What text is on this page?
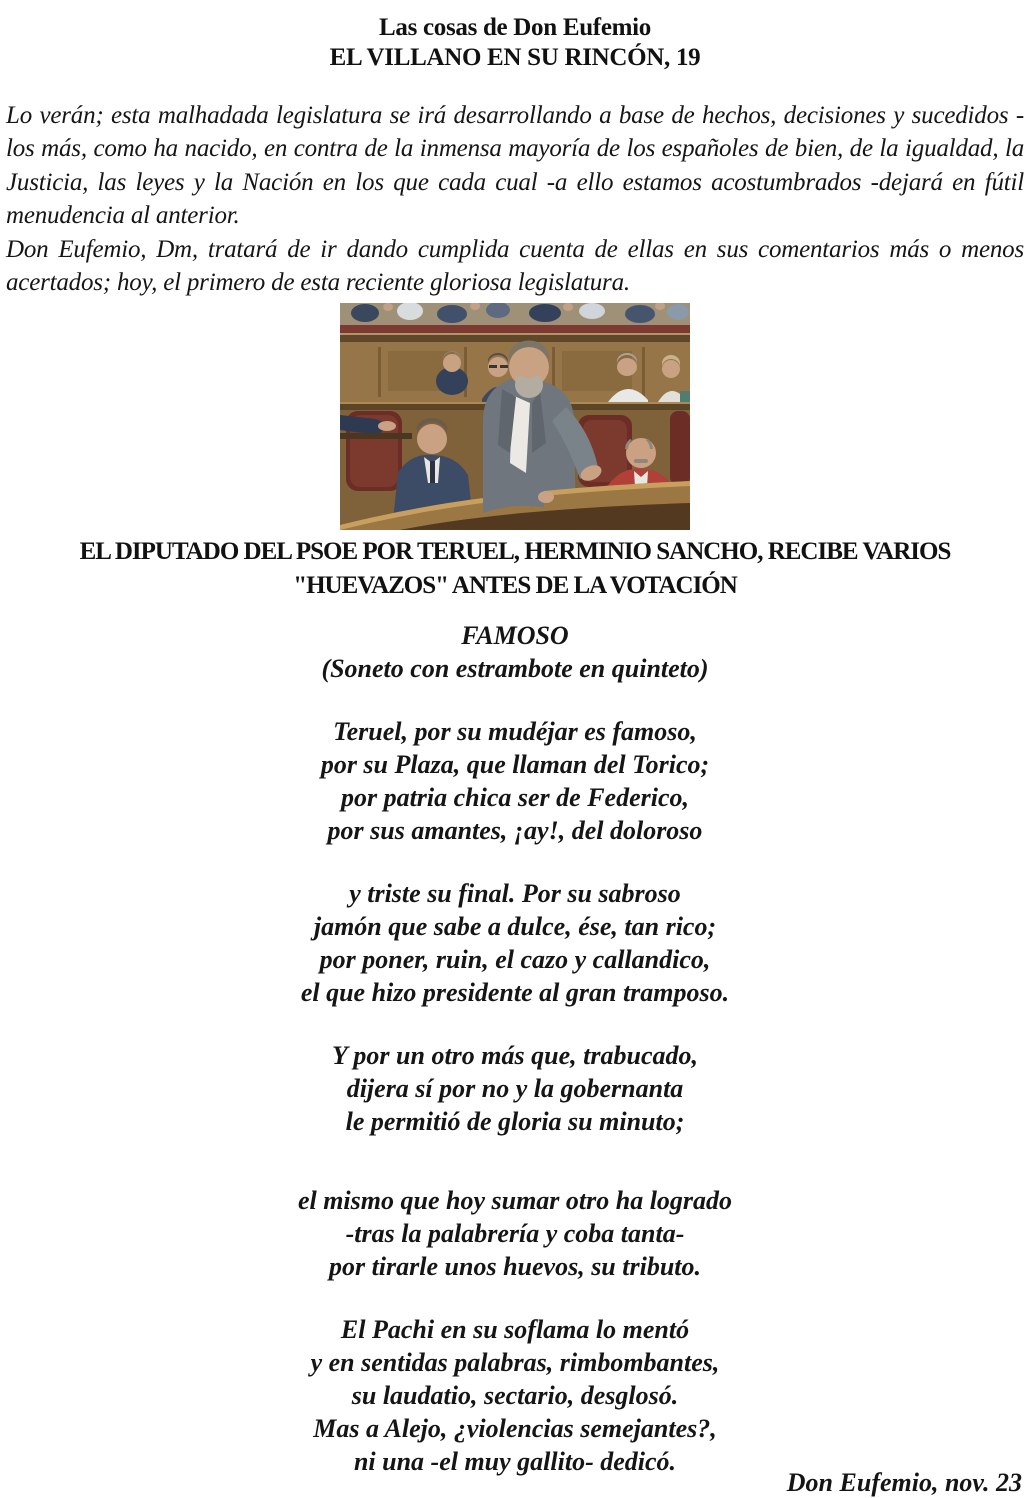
Las cosas de Don Eufemio
EL VILLANO EN SU RINCÓN, 19

Lo verán; esta malhadada legislatura se irá desarrollando a base de hechos, decisiones y sucedidos -los más, como ha nacido, en contra de la inmensa mayoría de los españoles de bien, de la igualdad, la Justicia, las leyes y la Nación en los que cada cual -a ello estamos acostumbrados -dejará en fútil menudencia al anterior.

Don Eufemio, Dm, tratará de ir dando cumplida cuenta de ellas en sus comentarios más o menos acertados; hoy, el primero de esta reciente gloriosa legislatura.

EL DIPUTADO DEL PSOE POR TERUEL, HERMINIO SANCHO, RECIBE VARIOS
"HUEVAZOS" ANTES DE LA VOTACIÓN
FAMOSO
(Soneto con estrambote en quinteto)
Teruel, por su mudéjar es famoso,
por su Plaza, que llaman del Torico;
por patria chica ser de Federico,
por sus amantes, ¡ay!, del doloroso
y triste su final. Por su sabroso
jamón que sabe a dulce, ése, tan rico;
por poner, ruin, el cazo y callandico,
el que hizo presidente al gran tramposo.
Y por un otro más que, trabucado,
dijera sí por no y la gobernanta
le permitió de gloria su minuto;
el mismo que hoy sumar otro ha logrado
-tras la palabrería y coba tanta-
por tirarle unos huevos, su tributo.
El Pachi en su soflama lo mentó
y en sentidas palabras, rimbombantes,
su laudatio, sectario, desglosó.
Mas a Alejo, ¿violencias semejantes?,
ni una -el muy gallito- dedicó.
Don Eufemio, nov. 23
